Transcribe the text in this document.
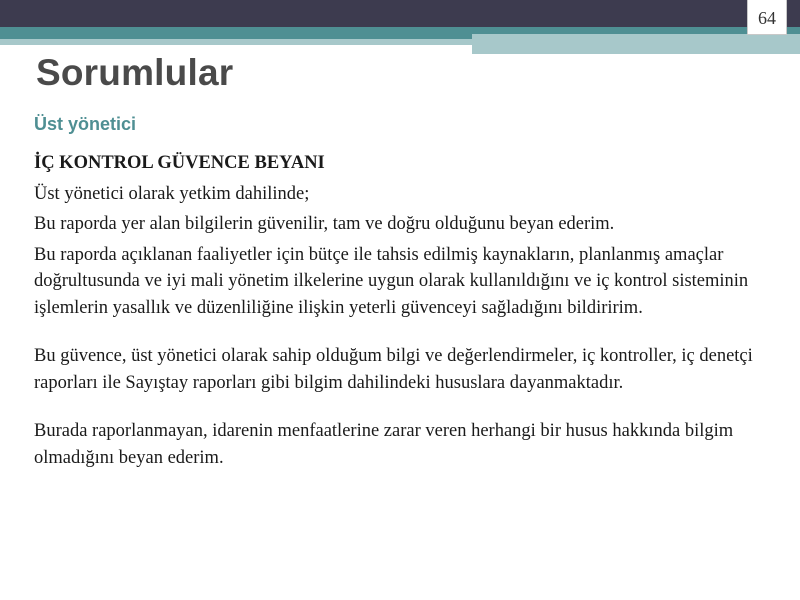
64
Sorumlular
Üst yönetici

İÇ KONTROL GÜVENCE BEYANI

Üst yönetici olarak yetkim dahilinde;

Bu raporda yer alan bilgilerin güvenilir, tam ve doğru olduğunu beyan ederim.

Bu raporda açıklanan faaliyetler için bütçe ile tahsis edilmiş kaynakların, planlanmış amaçlar doğrultusunda ve iyi mali yönetim ilkelerine uygun olarak kullanıldığını ve iç kontrol sisteminin işlemlerin yasallık ve düzenliliğine ilişkin yeterli güvenceyi sağladığını bildiririm.

Bu güvence, üst yönetici olarak sahip olduğum bilgi ve değerlendirmeler, iç kontroller, iç denetçi raporları ile Sayıştay raporları gibi bilgim dahilindeki hususlara dayanmaktadır.

Burada raporlanmayan, idarenin menfaatlerine zarar veren herhangi bir husus hakkında bilgim olmadığını beyan ederim.
